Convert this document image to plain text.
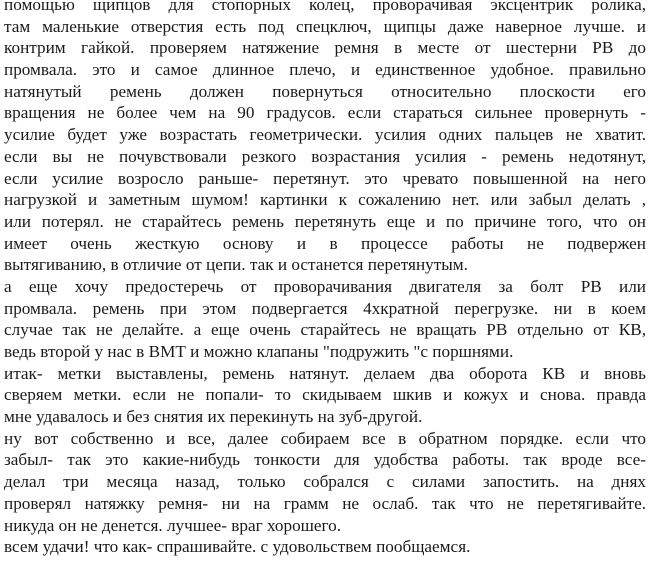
помощью щипцов для стопорных колец, проворачивая эксцентрик ролика,
там маленькие отверстия есть под спецключ, щипцы даже наверное лучше. и
контрим гайкой. проверяем натяжение ремня в месте от шестерни РВ до
промвала. это и самое длинное плечо, и единственное удобное. правильно
натянутый ремень должен повернуться относительно плоскости его
вращения не более чем на 90 градусов. если стараться сильнее провернуть -
усилие будет уже возрастать геометрически. усилия одних пальцев не хватит.
если вы не почувствовали резкого возрастания усилия - ремень недотянут,
если усилие возросло раньше- перетянут. это чревато повышенной на него
нагрузкой и заметным шумом! картинки к сожалению нет. или забыл делать ,
или потерял. не старайтесь ремень перетянуть еще и по причине того, что он
имеет очень жесткую основу и в процессе работы не подвержен
вытягиванию, в отличие от цепи. так и останется перетянутым.
а еще хочу предостеречь от проворачивания двигателя за болт РВ или
промвала. ремень при этом подвергается 4хкратной перегрузке. ни в коем
случае так не делайте. а еще очень старайтесь не вращать РВ отдельно от КВ,
ведь второй у нас в ВМТ и можно клапаны "подружить "с поршнями.
итак- метки выставлены, ремень натянут. делаем два оборота КВ и вновь
сверяем метки. если не попали- то скидываем шкив и кожух и снова. правда
мне удавалось и без снятия их перекинуть на зуб-другой.
ну вот собственно и все, далее собираем все в обратном порядке. если что
забыл- так это какие-нибудь тонкости для удобства работы. так вроде все-
делал три месяца назад, только собрался с силами запостить. на днях
проверял натяжку ремня- ни на грамм не ослаб. так что не перетягивайте.
никуда он не денется. лучшее- враг хорошего.
всем удачи! что как- спрашивайте. с удовольствем пообщаемся.
